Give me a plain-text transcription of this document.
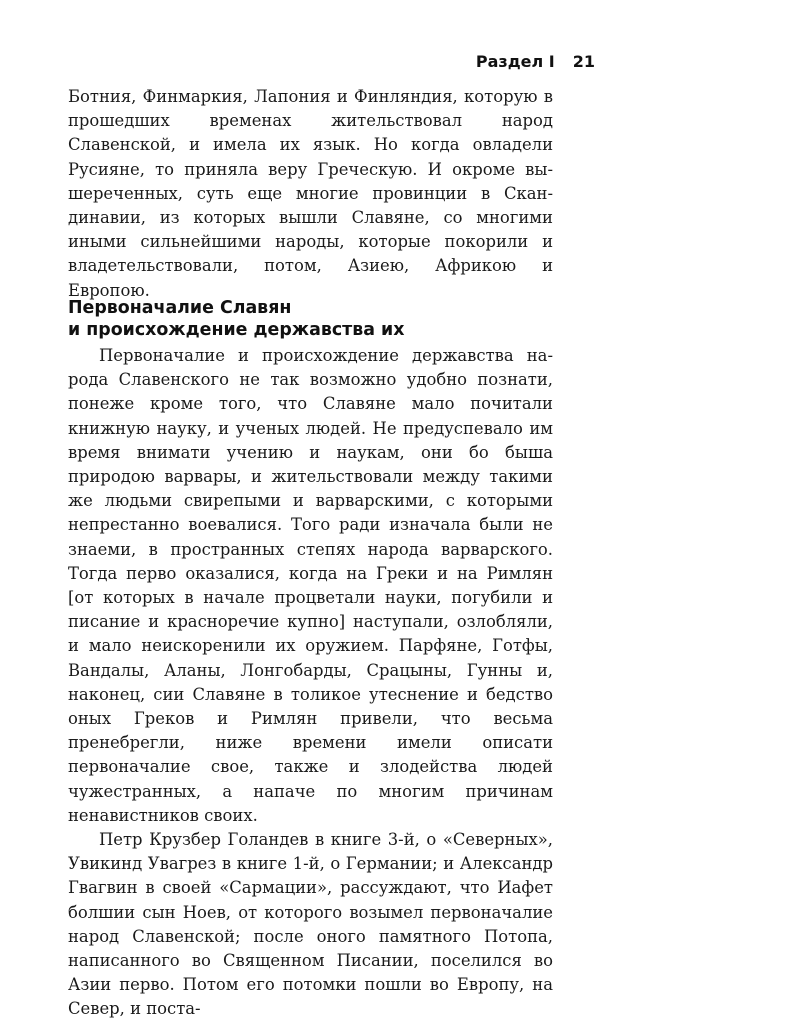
Раздел I 21

Ботния, Финмаркия, Лапония и Финляндия, которую в прошедших временах жительствовал народ Славенской, и имела их язык. Но когда овладели Русияне, то приняла веру Греческую. И окроме вышереченных, суть еще многие провинции в Скандинавии, из которых вышли Славяне, со многими иными сильнейшими народы, которые покорили и владетельствовали, потом, Азиею, Африкою и Европою.

Первоначалие Славян
и происхождение державства их

Первоначалие и происхождение державства народа Славенского не так возможно удобно познати, понеже кроме того, что Славяне мало почитали книжную науку, и ученых людей. Не предуспевало им время внимати учению и наукам, они бо быша природою варвары, и жительствовали между такими же людьми свирепыми и варварскими, с которыми непрестанно воевалися. Того ради изначала были не знаеми, в пространных степях народа варварского. Тогда перво оказалися, когда на Греки и на Римлян [от которых в начале процветали науки, погубили и писание и красноречие купно] наступали, озлобляли, и мало неискоренили их оружием. Парфяне, Готфы, Вандалы, Аланы, Лонгобарды, Срацыны, Гунны и, наконец, сии Славяне в толикое утеснение и бедство оных Греков и Римлян привели, что весьма пренебрегли, ниже времени имели описати первоначалие свое, также и злодейства людей чужестранных, а напаче по многим причинам ненавистников своих.

Петр Крузбер Голандев в книге 3-й, о «Северных», Увикинд Увагрез в книге 1-й, о Германии; и Александр Гвагвин в своей «Сармации», рассуждают, что Иафет болшии сын Ноев, от которого возымел первоначалие народ Славенской; после оного памятного Потопа, написанного во Священном Писании, поселился во Азии перво. Потом его потомки пошли во Европу, на Север, и поста-
